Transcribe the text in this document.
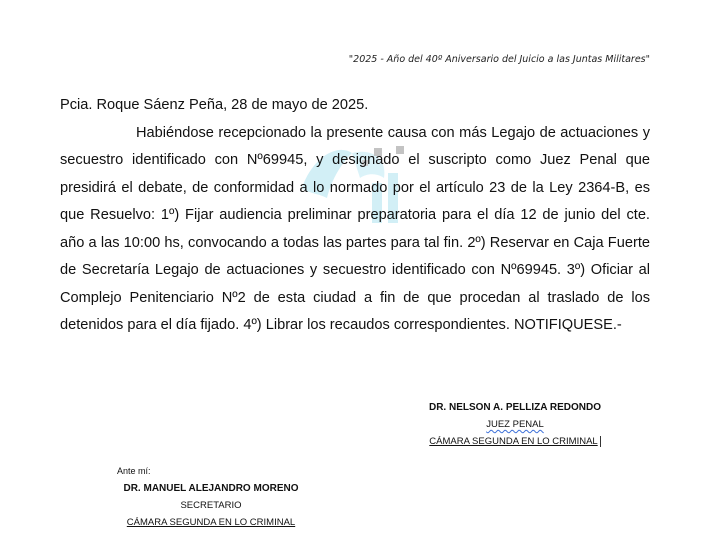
"2025 - Año del 40º Aniversario del Juicio a las Juntas Militares"

Pcia. Roque Sáenz Peña, 28 de mayo de 2025.

Habiéndose recepcionado la presente causa con más Legajo de actuaciones y secuestro identificado con Nº69945, y designado el suscripto como Juez Penal que presidirá el debate, de conformidad a lo normado por el artículo 23 de la Ley 2364-B, es que Resuelvo: 1º) Fijar audiencia preliminar preparatoria para el día 12 de junio del cte. año a las 10:00 hs, convocando a todas las partes para tal fin. 2º) Reservar en Caja Fuerte de Secretaría Legajo de actuaciones y secuestro identificado con Nº69945. 3º) Oficiar al Complejo Penitenciario Nº2 de esta ciudad a fin de que procedan al traslado de los detenidos para el día fijado. 4º) Librar los recaudos correspondientes. NOTIFIQUESE.-

DR. NELSON A. PELLIZA REDONDO
JUEZ PENAL
CÁMARA SEGUNDA EN LO CRIMINAL
Ante mí:
DR. MANUEL ALEJANDRO MORENO
SECRETARIO
CÁMARA SEGUNDA EN LO CRIMINAL
